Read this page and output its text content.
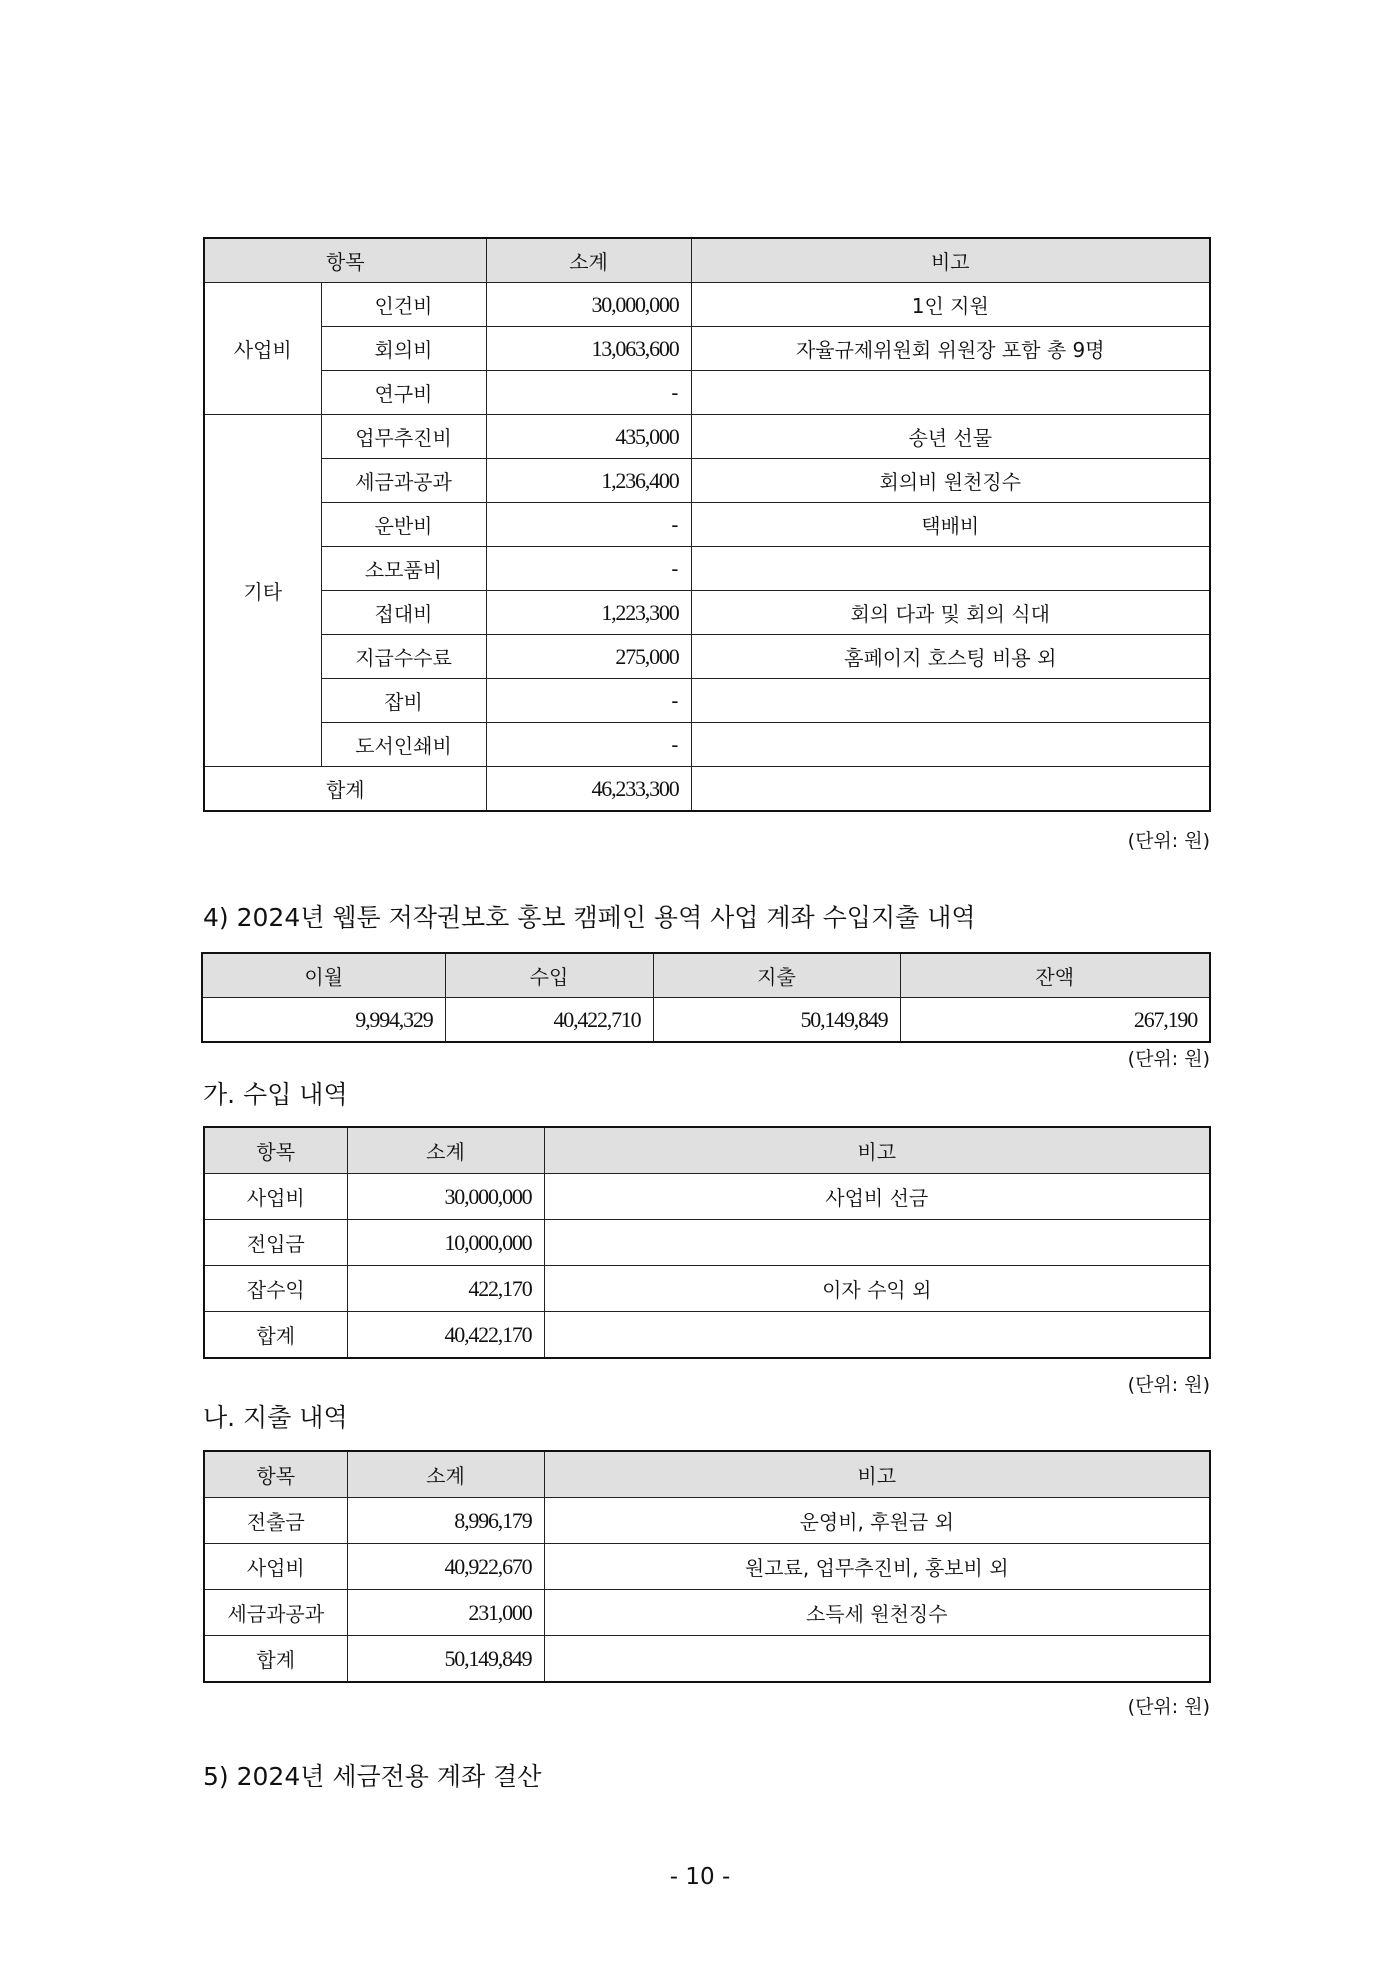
항목		소계	비고
사업비	인건비	30,000,000	1인 지원
	회의비	13,063,600	자율규제위원회 위원장 포함 총 9명
	연구비	-	
기타	업무추진비	435,000	송년 선물
	세금과공과	1,236,400	회의비 원천징수
	운반비	-	택배비
	소모품비	-	
	접대비	1,223,300	회의 다과 및 회의 식대
	지급수수료	275,000	홈페이지 호스팅 비용 외
	잡비	-	
	도서인쇄비	-	
합계		46,233,300	
(단위: 원)
4) 2024년 웹툰 저작권보호 홍보 캠페인 용역 사업 계좌 수입지출 내역
이월	수입	지출	잔액
9,994,329	40,422,710	50,149,849	267,190
(단위: 원)
가. 수입 내역
항목	소계	비고
사업비	30,000,000	사업비 선금
전입금	10,000,000	
잡수익	422,170	이자 수익 외
합계	40,422,170	
(단위: 원)
나. 지출 내역
항목	소계	비고
전출금	8,996,179	운영비, 후원금 외
사업비	40,922,670	원고료, 업무추진비, 홍보비 외
세금과공과	231,000	소득세 원천징수
합계	50,149,849	
(단위: 원)
5) 2024년 세금전용 계좌 결산
- 10 -
